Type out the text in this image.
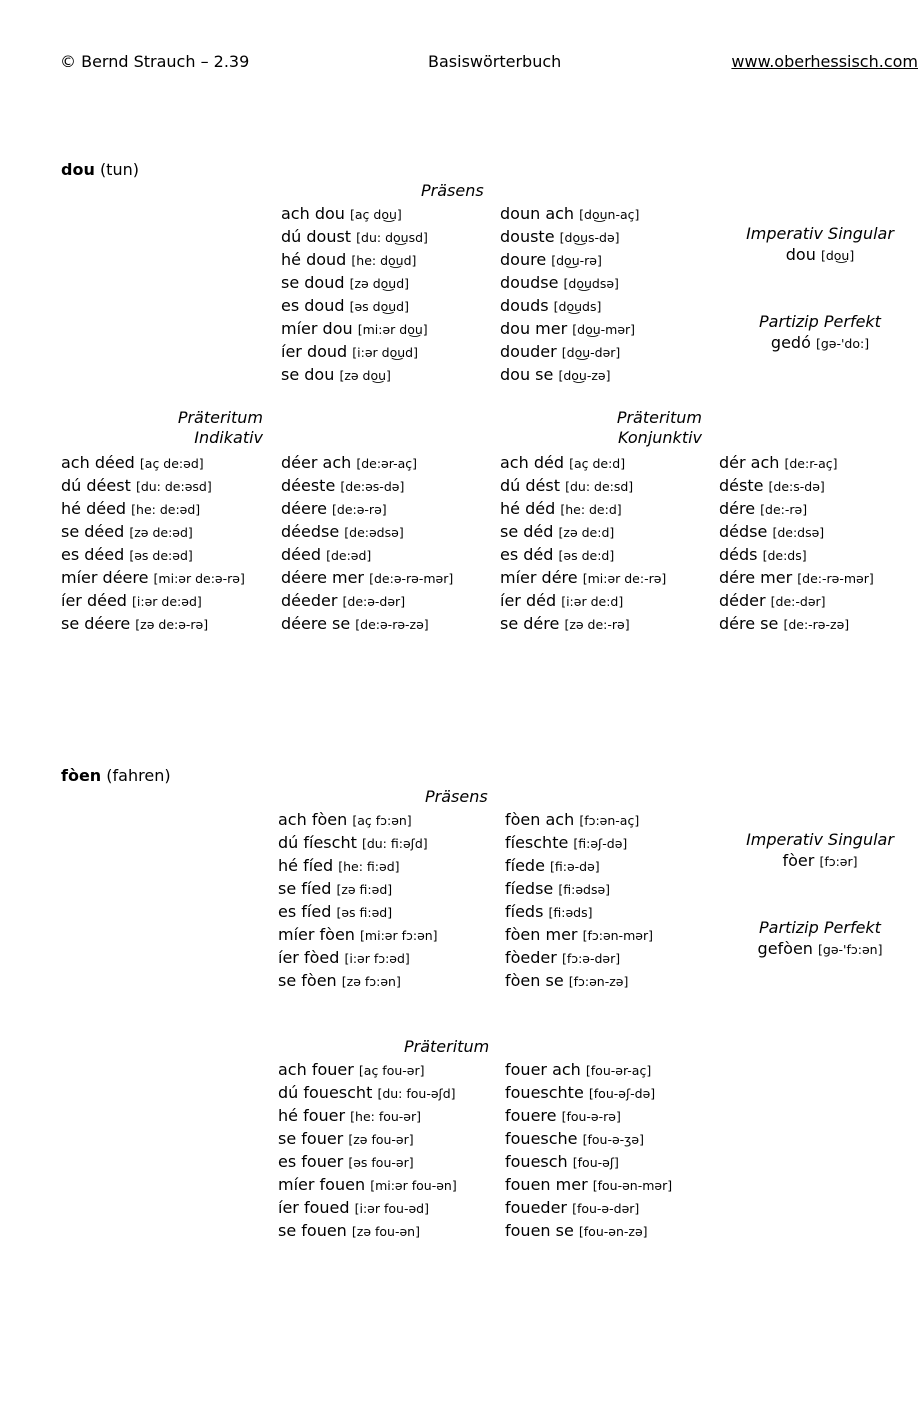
© Bernd Strauch – 2.39	Basiswörterbuch	www.oberhessisch.com
dou (tun)
Präsens
ach dou [aç do͜u]
dú doust [du: do͜usd]
hé doud [he: do͜ud]
se doud [zə do͜ud]
es doud [əs do͜ud]
míer dou [mi:ər do͜u]
íer doud [i:ər do͜ud]
se dou [zə do͜u]
doun ach [do͜un-aç]
douste [do͜us-də]
doure [do͜u-rə]
doudse [do͜udsə]
douds [do͜uds]
dou mer [do͜u-mər]
douder [do͜u-dər]
dou se [do͜u-zə]
Imperativ Singular
dou [do͜u]
Partizip Perfekt
gedó [gə-'do:]
Präteritum
Indikativ
Präteritum
Konjunktiv
ach déed [aç de:əd]
dú déest [du: de:əsd]
hé déed [he: de:əd]
se déed [zə de:əd]
es déed [əs de:əd]
míer déere [mi:ər de:ə-rə]
íer déed [i:ər de:əd]
se déere [zə de:ə-rə]
déer ach [de:ər-aç]
déeste [de:əs-də]
déere [de:ə-rə]
déedse [de:ədsə]
déed [de:əd]
déere mer [de:ə-rə-mər]
déeder [de:ə-dər]
déere se [de:ə-rə-zə]
ach déd [aç de:d]
dú dést [du: de:sd]
hé déd [he: de:d]
se déd [zə de:d]
es déd [əs de:d]
míer dére [mi:ər de:-rə]
íer déd [i:ər de:d]
se dére [zə de:-rə]
dér ach [de:r-aç]
déste [de:s-də]
dére [de:-rə]
dédse [de:dsə]
déds [de:ds]
dére mer [de:-rə-mər]
déder [de:-dər]
dére se [de:-rə-zə]
fòen (fahren)
Präsens
ach fòen [aç fɔ:ən]
dú fíescht [du: fi:əʃd]
hé fíed [he: fi:əd]
se fíed [zə fi:əd]
es fíed [əs fi:əd]
míer fòen [mi:ər fɔ:ən]
íer fòed [i:ər fɔ:əd]
se fòen [zə fɔ:ən]
fòen ach [fɔ:ən-aç]
fíeschte [fi:əʃ-də]
fíede [fi:ə-də]
fíedse [fi:ədsə]
fíeds [fi:əds]
fòen mer [fɔ:ən-mər]
fòeder [fɔ:ə-dər]
fòen se [fɔ:ən-zə]
Imperativ Singular
fòer [fɔ:ər]
Partizip Perfekt
gefòen [gə-'fɔ:ən]
Präteritum
ach fouer [aç fou-ər]
dú fouescht [du: fou-əʃd]
hé fouer [he: fou-ər]
se fouer [zə fou-ər]
es fouer [əs fou-ər]
míer fouen [mi:ər fou-ən]
íer foued [i:ər fou-əd]
se fouen [zə fou-ən]
fouer ach [fou-ər-aç]
foueschte [fou-əʃ-də]
fouere [fou-ə-rə]
fouesche [fou-ə-ʒə]
fouesch [fou-əʃ]
fouen mer [fou-ən-mər]
foueder [fou-ə-dər]
fouen se [fou-ən-zə]
